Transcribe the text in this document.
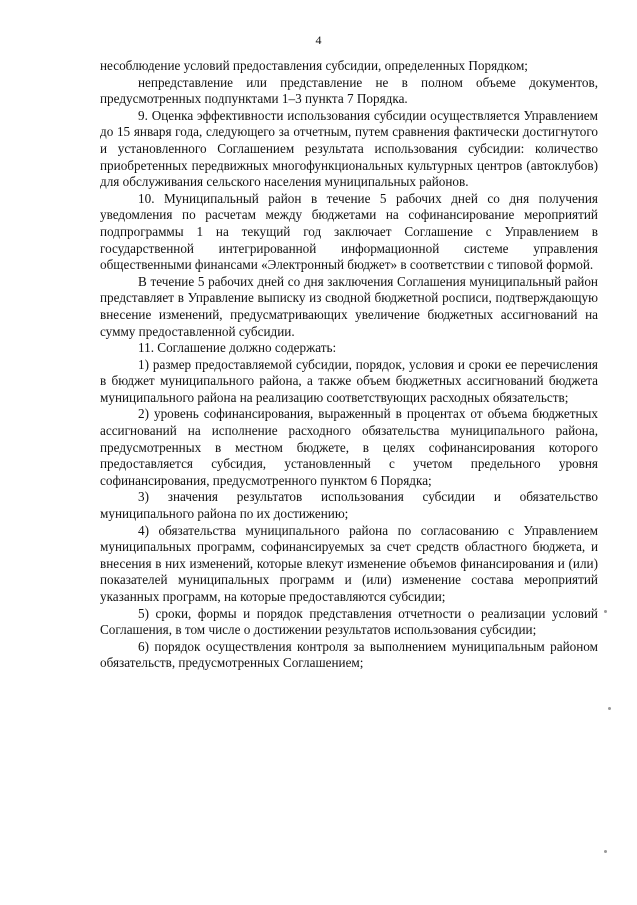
4

несоблюдение условий предоставления субсидии, определенных Порядком;

непредставление или представление не в полном объеме документов, предусмотренных подпунктами 1–3 пункта 7 Порядка.

9. Оценка эффективности использования субсидии осуществляется Управлением до 15 января года, следующего за отчетным, путем сравнения фактически достигнутого и установленного Соглашением результата использования субсидии: количество приобретенных передвижных многофункциональных культурных центров (автоклубов) для обслуживания сельского населения муниципальных районов.

10. Муниципальный район в течение 5 рабочих дней со дня получения уведомления по расчетам между бюджетами на софинансирование мероприятий подпрограммы 1 на текущий год заключает Соглашение с Управлением в государственной интегрированной информационной системе управления общественными финансами «Электронный бюджет» в соответствии с типовой формой.

В течение 5 рабочих дней со дня заключения Соглашения муниципальный район представляет в Управление выписку из сводной бюджетной росписи, подтверждающую внесение изменений, предусматривающих увеличение бюджетных ассигнований на сумму предоставленной субсидии.

11. Соглашение должно содержать:

1) размер предоставляемой субсидии, порядок, условия и сроки ее перечисления в бюджет муниципального района, а также объем бюджетных ассигнований бюджета муниципального района на реализацию соответствующих расходных обязательств;

2) уровень софинансирования, выраженный в процентах от объема бюджетных ассигнований на исполнение расходного обязательства муниципального района, предусмотренных в местном бюджете, в целях софинансирования которого предоставляется субсидия, установленный с учетом предельного уровня софинансирования, предусмотренного пунктом 6 Порядка;

3) значения результатов использования субсидии и обязательство муниципального района по их достижению;

4) обязательства муниципального района по согласованию с Управлением муниципальных программ, софинансируемых за счет средств областного бюджета, и внесения в них изменений, которые влекут изменение объемов финансирования и (или) показателей муниципальных программ и (или) изменение состава мероприятий указанных программ, на которые предоставляются субсидии;

5) сроки, формы и порядок представления отчетности о реализации условий Соглашения, в том числе о достижении результатов использования субсидии;

6) порядок осуществления контроля за выполнением муниципальным районом обязательств, предусмотренных Соглашением;
